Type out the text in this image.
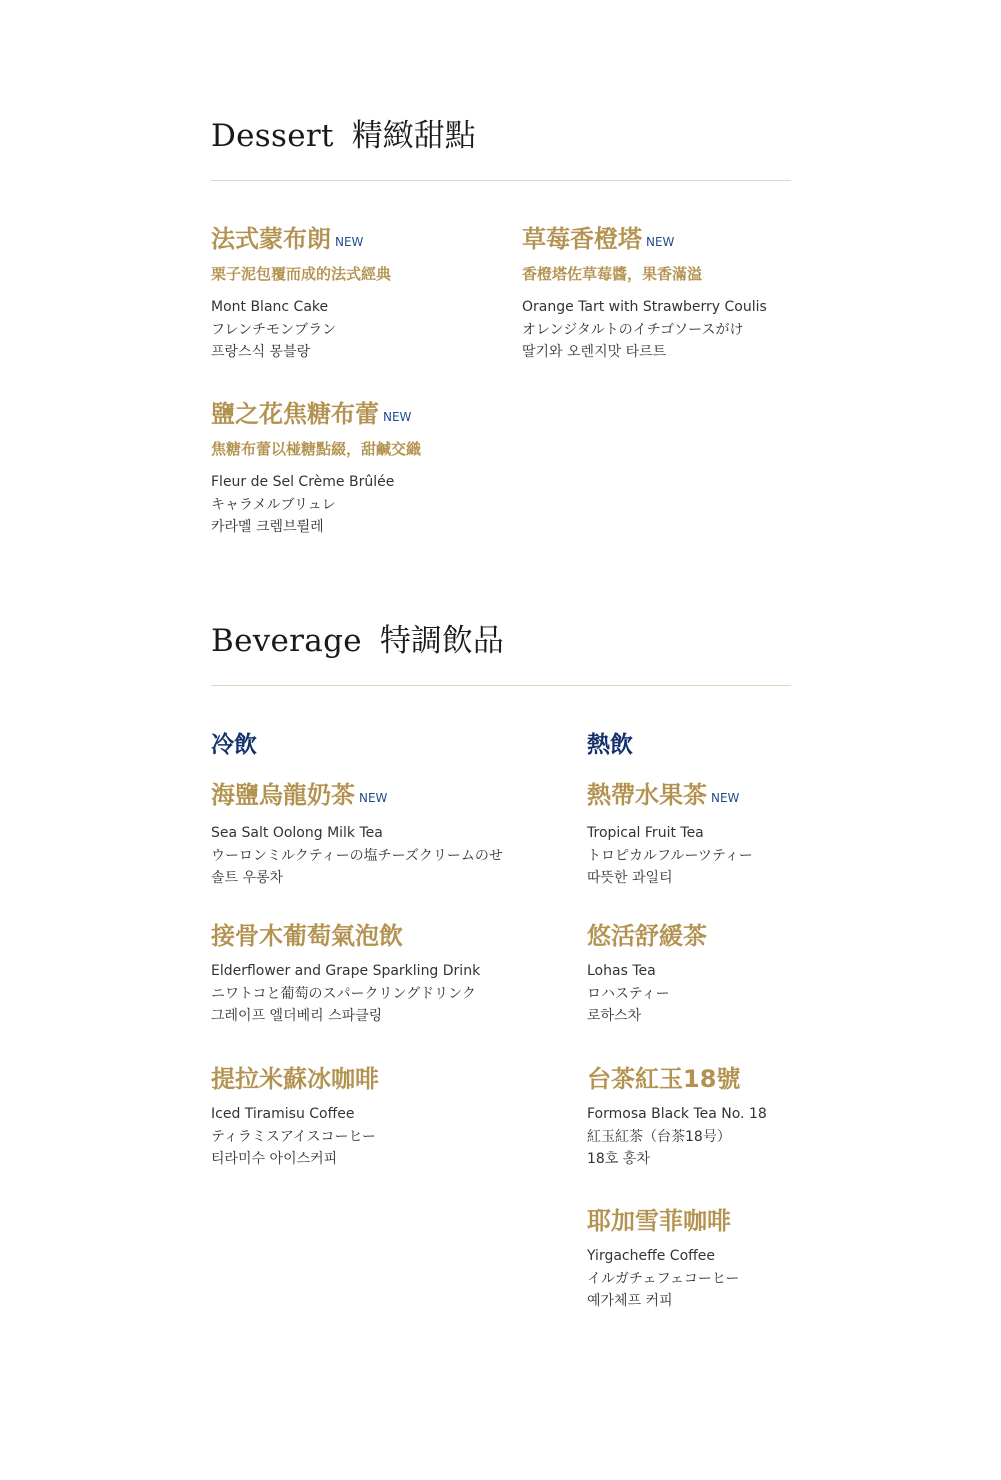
Dessert 精緻甜點
法式蒙布朗 NEW
栗子泥包覆而成的法式經典
Mont Blanc Cake
フレンチモンブラン
프랑스식 몽블랑
草莓香橙塔 NEW
香橙塔佐草莓醬，果香滿溢
Orange Tart with Strawberry Coulis
オレンジタルトのイチゴソースがけ
딸기와 오렌지맛 타르트
鹽之花焦糖布蕾 NEW
焦糖布蕾以椪糖點綴，甜鹹交織
Fleur de Sel Crème Brûlée
キャラメルブリュレ
카라멜 크렘브륄레
Beverage 特調飲品
冷飲	熱飲
海鹽烏龍奶茶 NEW
Sea Salt Oolong Milk Tea
ウーロンミルクティーの塩チーズクリームのせ
솔트 우롱차
接骨木葡萄氣泡飲
Elderflower and Grape Sparkling Drink
ニワトコと葡萄のスパークリングドリンク
그레이프 엘더베리 스파클링
提拉米蘇冰咖啡
Iced Tiramisu Coffee
ティラミスアイスコーヒー
티라미수 아이스커피
熱帶水果茶 NEW
Tropical Fruit Tea
トロピカルフルーツティー
따뜻한 과일티
悠活舒緩茶
Lohas Tea
ロハスティー
로하스차
台茶紅玉18號
Formosa Black Tea No. 18
紅玉紅茶（台茶18号）
18호 홍차
耶加雪菲咖啡
Yirgacheffe Coffee
イルガチェフェコーヒー
예가체프 커피
